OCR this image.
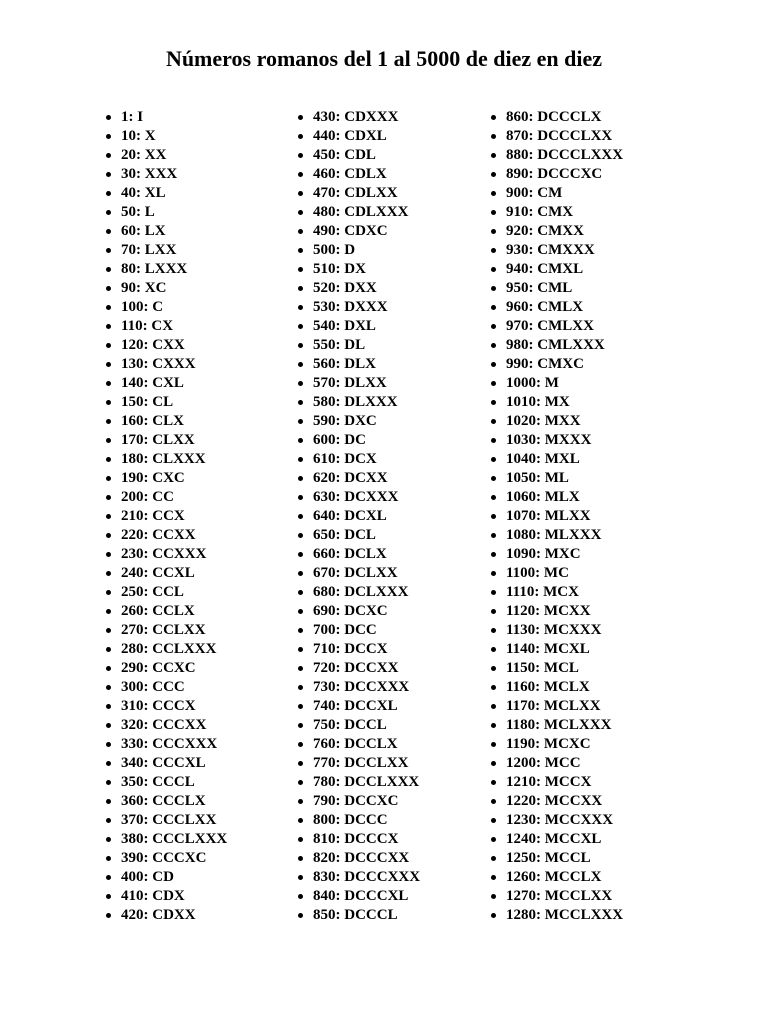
Números romanos del 1 al 5000 de diez en diez
1: I
10: X
20: XX
30: XXX
40: XL
50: L
60: LX
70: LXX
80: LXXX
90: XC
100: C
110: CX
120: CXX
130: CXXX
140: CXL
150: CL
160: CLX
170: CLXX
180: CLXXX
190: CXC
200: CC
210: CCX
220: CCXX
230: CCXXX
240: CCXL
250: CCL
260: CCLX
270: CCLXX
280: CCLXXX
290: CCXC
300: CCC
310: CCCX
320: CCCXX
330: CCCXXX
340: CCCXL
350: CCCL
360: CCCLX
370: CCCLXX
380: CCCLXXX
390: CCCXC
400: CD
410: CDX
420: CDXX
430: CDXXX
440: CDXL
450: CDL
460: CDLX
470: CDLXX
480: CDLXXX
490: CDXC
500: D
510: DX
520: DXX
530: DXXX
540: DXL
550: DL
560: DLX
570: DLXX
580: DLXXX
590: DXC
600: DC
610: DCX
620: DCXX
630: DCXXX
640: DCXL
650: DCL
660: DCLX
670: DCLXX
680: DCLXXX
690: DCXC
700: DCC
710: DCCX
720: DCCXX
730: DCCXXX
740: DCCXL
750: DCCL
760: DCCLX
770: DCCLXX
780: DCCLXXX
790: DCCXC
800: DCCC
810: DCCCX
820: DCCCXX
830: DCCCXXX
840: DCCCXL
850: DCCCL
860: DCCCLX
870: DCCCLXX
880: DCCCLXXX
890: DCCCXC
900: CM
910: CMX
920: CMXX
930: CMXXX
940: CMXL
950: CML
960: CMLX
970: CMLXX
980: CMLXXX
990: CMXC
1000: M
1010: MX
1020: MXX
1030: MXXX
1040: MXL
1050: ML
1060: MLX
1070: MLXX
1080: MLXXX
1090: MXC
1100: MC
1110: MCX
1120: MCXX
1130: MCXXX
1140: MCXL
1150: MCL
1160: MCLX
1170: MCLXX
1180: MCLXXX
1190: MCXC
1200: MCC
1210: MCCX
1220: MCCXX
1230: MCCXXX
1240: MCCXL
1250: MCCL
1260: MCCLX
1270: MCCLXX
1280: MCCLXXX
